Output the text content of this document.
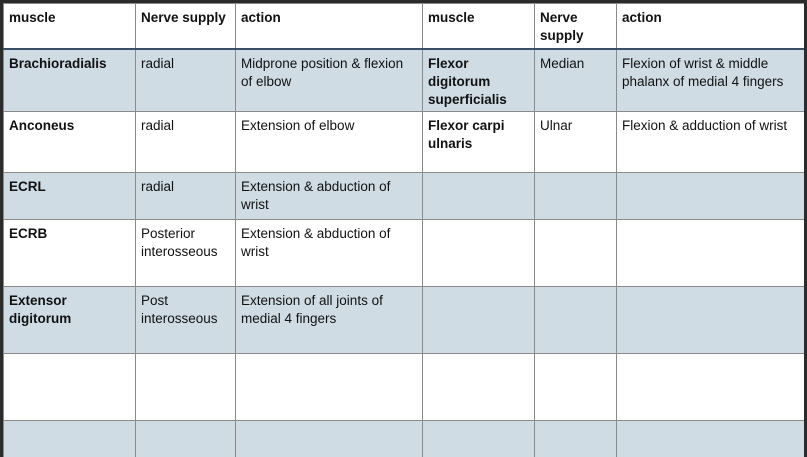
muscle	Nerve supply	action	muscle	Nerve supply	action
Brachioradialis	radial	Midprone position & flexion of elbow	Flexor digitorum superficialis	Median	Flexion of wrist & middle phalanx of medial 4 fingers
Anconeus	radial	Extension of elbow	Flexor carpi ulnaris	Ulnar	Flexion & adduction of wrist
ECRL	radial	Extension & abduction of wrist			
ECRB	Posterior interosseous	Extension & abduction of wrist			
Extensor digitorum	Post interosseous	Extension of all joints of medial 4 fingers			
